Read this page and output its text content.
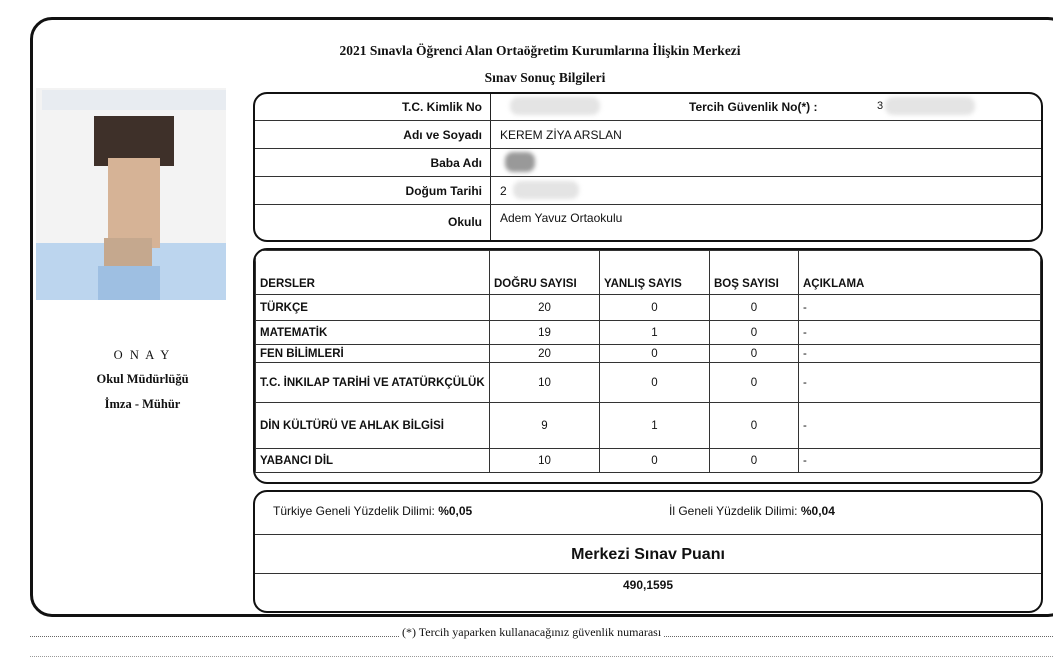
2021 Sınavla Öğrenci Alan Ortaöğretim Kurumlarına İlişkin Merkezi
Sınav Sonuç Bilgileri
O N A Y
Okul Müdürlüğü
İmza - Mühür
T.C. Kimlik No	Tercih Güvenlik No(*) :	3
Adı ve Soyadı	KEREM ZİYA ARSLAN
Baba Adı
Doğum Tarihi	2
Okulu	Adem Yavuz Ortaokulu
DERSLER	DOĞRU SAYISI	YANLIŞ SAYIS	BOŞ SAYISI	AÇIKLAMA
TÜRKÇE	20	0	0	-
MATEMATİK	19	1	0	-
FEN BİLİMLERİ	20	0	0	-
T.C. İNKILAP TARİHİ VE ATATÜRKÇÜLÜK	10	0	0	-
DİN KÜLTÜRÜ VE AHLAK BİLGİSİ	9	1	0	-
YABANCI DİL	10	0	0	-
Türkiye Geneli Yüzdelik Dilimi: %0,05	İl Geneli Yüzdelik Dilimi: %0,04
Merkezi Sınav Puanı
490,1595
(*) Tercih yaparken kullanacağınız güvenlik numarası
